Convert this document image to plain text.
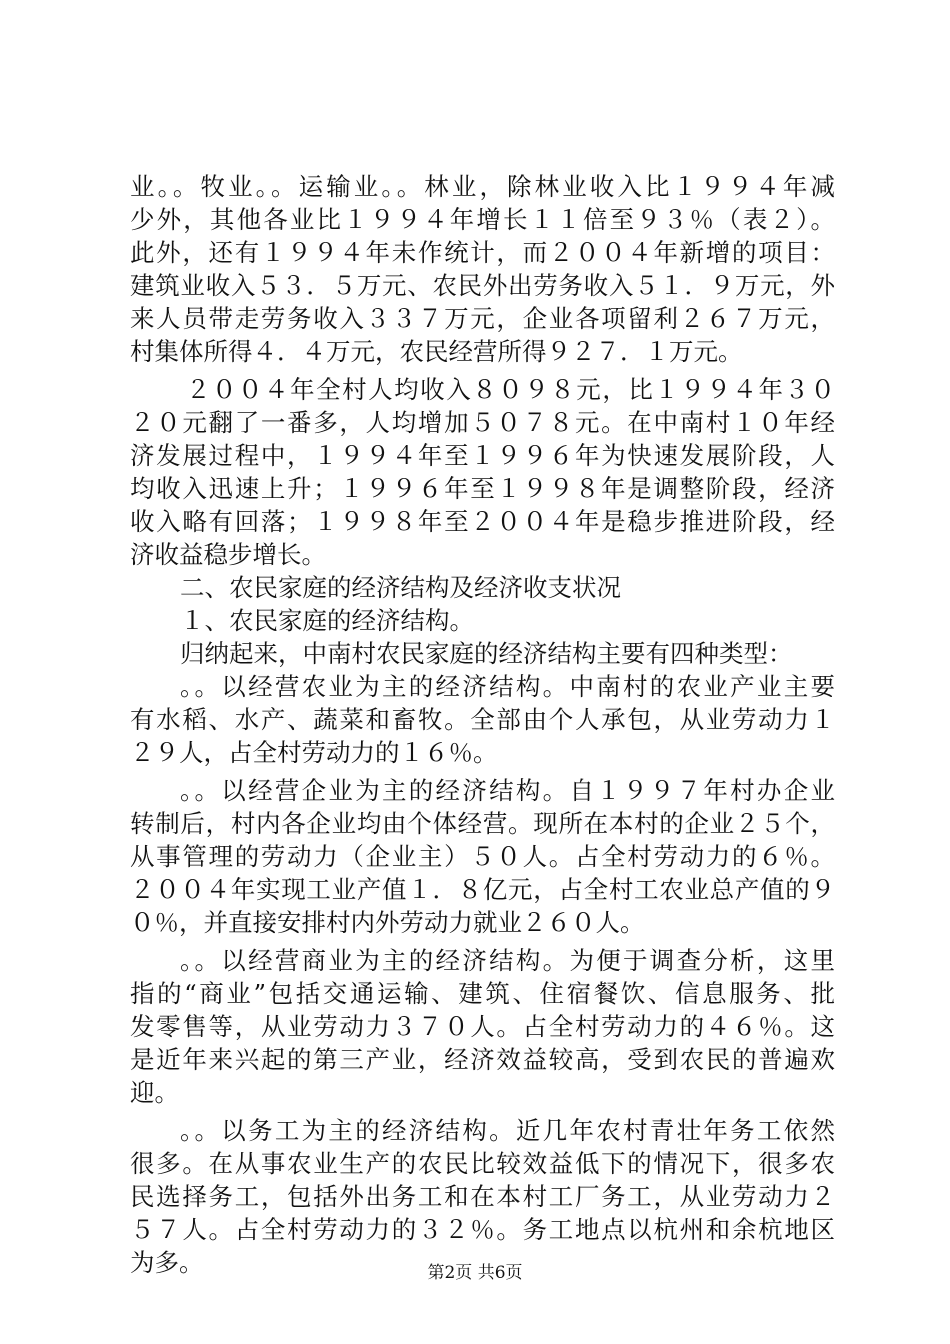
业。。牧业。。运输业。。林业，除林业收入比１９９４年减
少外，其他各业比１９９４年增长１１倍至９３％（表２）。
此外，还有１９９４年未作统计，而２００４年新增的项目：
建筑业收入５３．５万元、农民外出劳务收入５１．９万元，外
来人员带走劳务收入３３７万元，企业各项留利２６７万元，
村集体所得４．４万元，农民经营所得９２７．１万元。
２００４年全村人均收入８０９８元，比１９９４年３０
２０元翻了一番多，人均增加５０７８元。在中南村１０年经
济发展过程中，１９９４年至１９９６年为快速发展阶段，人
均收入迅速上升；１９９６年至１９９８年是调整阶段，经济
收入略有回落；１９９８年至２００４年是稳步推进阶段，经
济收益稳步增长。
二、农民家庭的经济结构及经济收支状况
１、农民家庭的经济结构。
归纳起来，中南村农民家庭的经济结构主要有四种类型：
。。以经营农业为主的经济结构。中南村的农业产业主要
有水稻、水产、蔬菜和畜牧。全部由个人承包，从业劳动力１
２９人，占全村劳动力的１６％。
。。以经营企业为主的经济结构。自１９９７年村办企业
转制后，村内各企业均由个体经营。现所在本村的企业２５个，
从事管理的劳动力（企业主）５０人。占全村劳动力的６％。
２００４年实现工业产值１．８亿元，占全村工农业总产值的９
０％，并直接安排村内外劳动力就业２６０人。
。。以经营商业为主的经济结构。为便于调查分析，这里
指的“商业”包括交通运输、建筑、住宿餐饮、信息服务、批
发零售等，从业劳动力３７０人。占全村劳动力的４６％。这
是近年来兴起的第三产业，经济效益较高，受到农民的普遍欢
迎。
。。以务工为主的经济结构。近几年农村青壮年务工依然
很多。在从事农业生产的农民比较效益低下的情况下，很多农
民选择务工，包括外出务工和在本村工厂务工，从业劳动力２
５７人。占全村劳动力的３２％。务工地点以杭州和余杭地区
为多。	第2页 共6页
